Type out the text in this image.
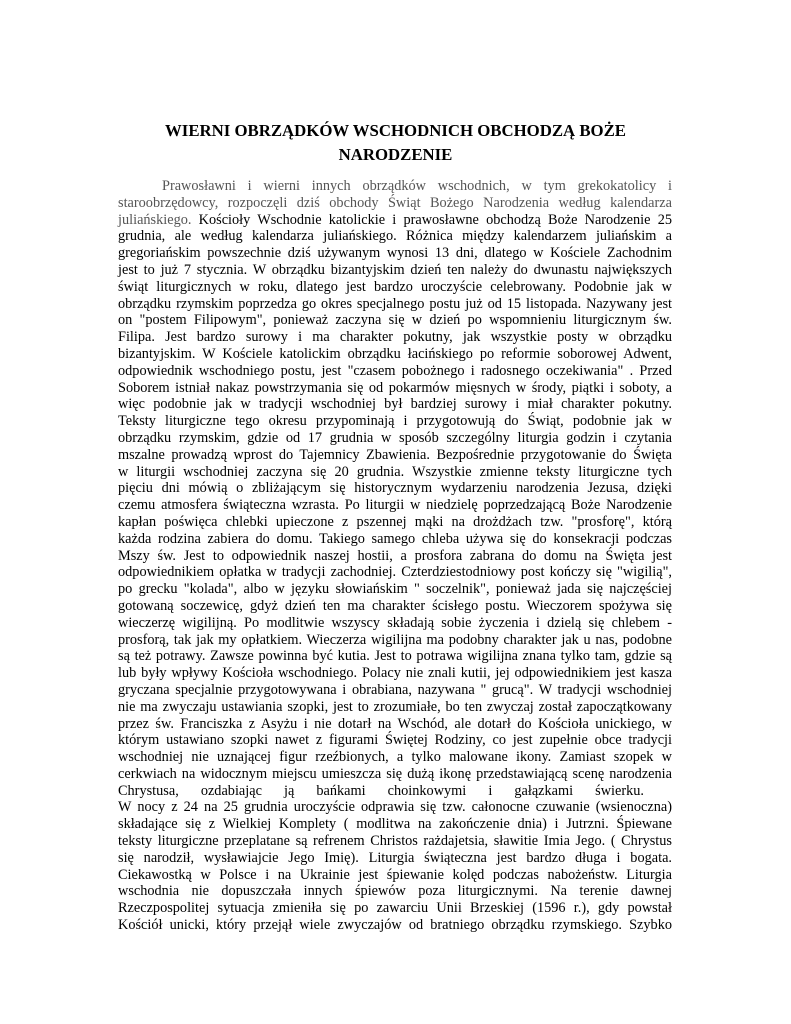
WIERNI OBRZĄDKÓW WSCHODNICH OBCHODZĄ BOŻE
NARODZENIE
Prawosławni i wierni innych obrządków wschodnich, w tym grekokatolicy i
staroobrzędowcy, rozpoczęli dziś obchody Świąt Bożego Narodzenia według kalendarza
juliańskiego. Kościoły Wschodnie katolickie i prawosławne obchodzą Boże Narodzenie 25
grudnia, ale według kalendarza juliańskiego. Różnica między kalendarzem juliańskim a
gregoriańskim powszechnie dziś używanym wynosi 13 dni, dlatego w Kościele Zachodnim
jest to już 7 stycznia. W obrządku bizantyjskim dzień ten należy do dwunastu największych
świąt liturgicznych w roku, dlatego jest bardzo uroczyście celebrowany. Podobnie jak w
obrządku rzymskim poprzedza go okres specjalnego postu już od 15 listopada. Nazywany jest
on "postem Filipowym", ponieważ zaczyna się w dzień po wspomnieniu liturgicznym św.
Filipa. Jest bardzo surowy i ma charakter pokutny, jak wszystkie posty w obrządku
bizantyjskim. W Kościele katolickim obrządku łacińskiego po reformie soborowej Adwent,
odpowiednik wschodniego postu, jest "czasem pobożnego i radosnego oczekiwania" . Przed
Soborem istniał nakaz powstrzymania się od pokarmów mięsnych w środy, piątki i soboty, a
więc podobnie jak w tradycji wschodniej był bardziej surowy i miał charakter pokutny.
Teksty liturgiczne tego okresu przypominają i przygotowują do Świąt, podobnie jak w
obrządku rzymskim, gdzie od 17 grudnia w sposób szczególny liturgia godzin i czytania
mszalne prowadzą wprost do Tajemnicy Zbawienia. Bezpośrednie przygotowanie do Święta
w liturgii wschodniej zaczyna się 20 grudnia. Wszystkie zmienne teksty liturgiczne tych
pięciu dni mówią o zbliżającym się historycznym wydarzeniu narodzenia Jezusa, dzięki
czemu atmosfera świąteczna wzrasta. Po liturgii w niedzielę poprzedzającą Boże Narodzenie
kapłan poświęca chlebki upieczone z pszennej mąki na drożdżach tzw. "prosforę", którą
każda rodzina zabiera do domu. Takiego samego chleba używa się do konsekracji podczas
Mszy św. Jest to odpowiednik naszej hostii, a prosfora zabrana do domu na Święta jest
odpowiednikiem opłatka w tradycji zachodniej. Czterdziestodniowy post kończy się "wigilią",
po grecku "kolada", albo w języku słowiańskim " soczelnik", ponieważ jada się najczęściej
gotowaną soczewicę, gdyż dzień ten ma charakter ścisłego postu. Wieczorem spożywa się
wieczerzę wigilijną. Po modlitwie wszyscy składają sobie życzenia i dzielą się chlebem -
prosforą, tak jak my opłatkiem. Wieczerza wigilijna ma podobny charakter jak u nas, podobne
są też potrawy. Zawsze powinna być kutia. Jest to potrawa wigilijna znana tylko tam, gdzie są
lub były wpływy Kościoła wschodniego. Polacy nie znali kutii, jej odpowiednikiem jest kasza
gryczana specjalnie przygotowywana i obrabiana, nazywana " grucą". W tradycji wschodniej
nie ma zwyczaju ustawiania szopki, jest to zrozumiałe, bo ten zwyczaj został zapoczątkowany
przez św. Franciszka z Asyżu i nie dotarł na Wschód, ale dotarł do Kościoła unickiego, w
którym ustawiano szopki nawet z figurami Świętej Rodziny, co jest zupełnie obce tradycji
wschodniej nie uznającej figur rzeźbionych, a tylko malowane ikony. Zamiast szopek w
cerkwiach na widocznym miejscu umieszcza się dużą ikonę przedstawiającą scenę narodzenia
Chrystusa, ozdabiając ją bańkami choinkowymi i gałązkami świerku.
W nocy z 24 na 25 grudnia uroczyście odprawia się tzw. całonocne czuwanie (wsienoczna)
składające się z Wielkiej Komplety ( modlitwa na zakończenie dnia) i Jutrzni. Śpiewane
teksty liturgiczne przeplatane są refrenem Christos rażdajetsia, sławitie Imia Jego. ( Chrystus
się narodził, wysławiajcie Jego Imię). Liturgia świąteczna jest bardzo długa i bogata.
Ciekawostką w Polsce i na Ukrainie jest śpiewanie kolęd podczas nabożeństw. Liturgia
wschodnia nie dopuszczała innych śpiewów poza liturgicznymi. Na terenie dawnej
Rzeczpospolitej sytuacja zmieniła się po zawarciu Unii Brzeskiej (1596 r.), gdy powstał
Kościół unicki, który przejął wiele zwyczajów od bratniego obrządku rzymskiego. Szybko
